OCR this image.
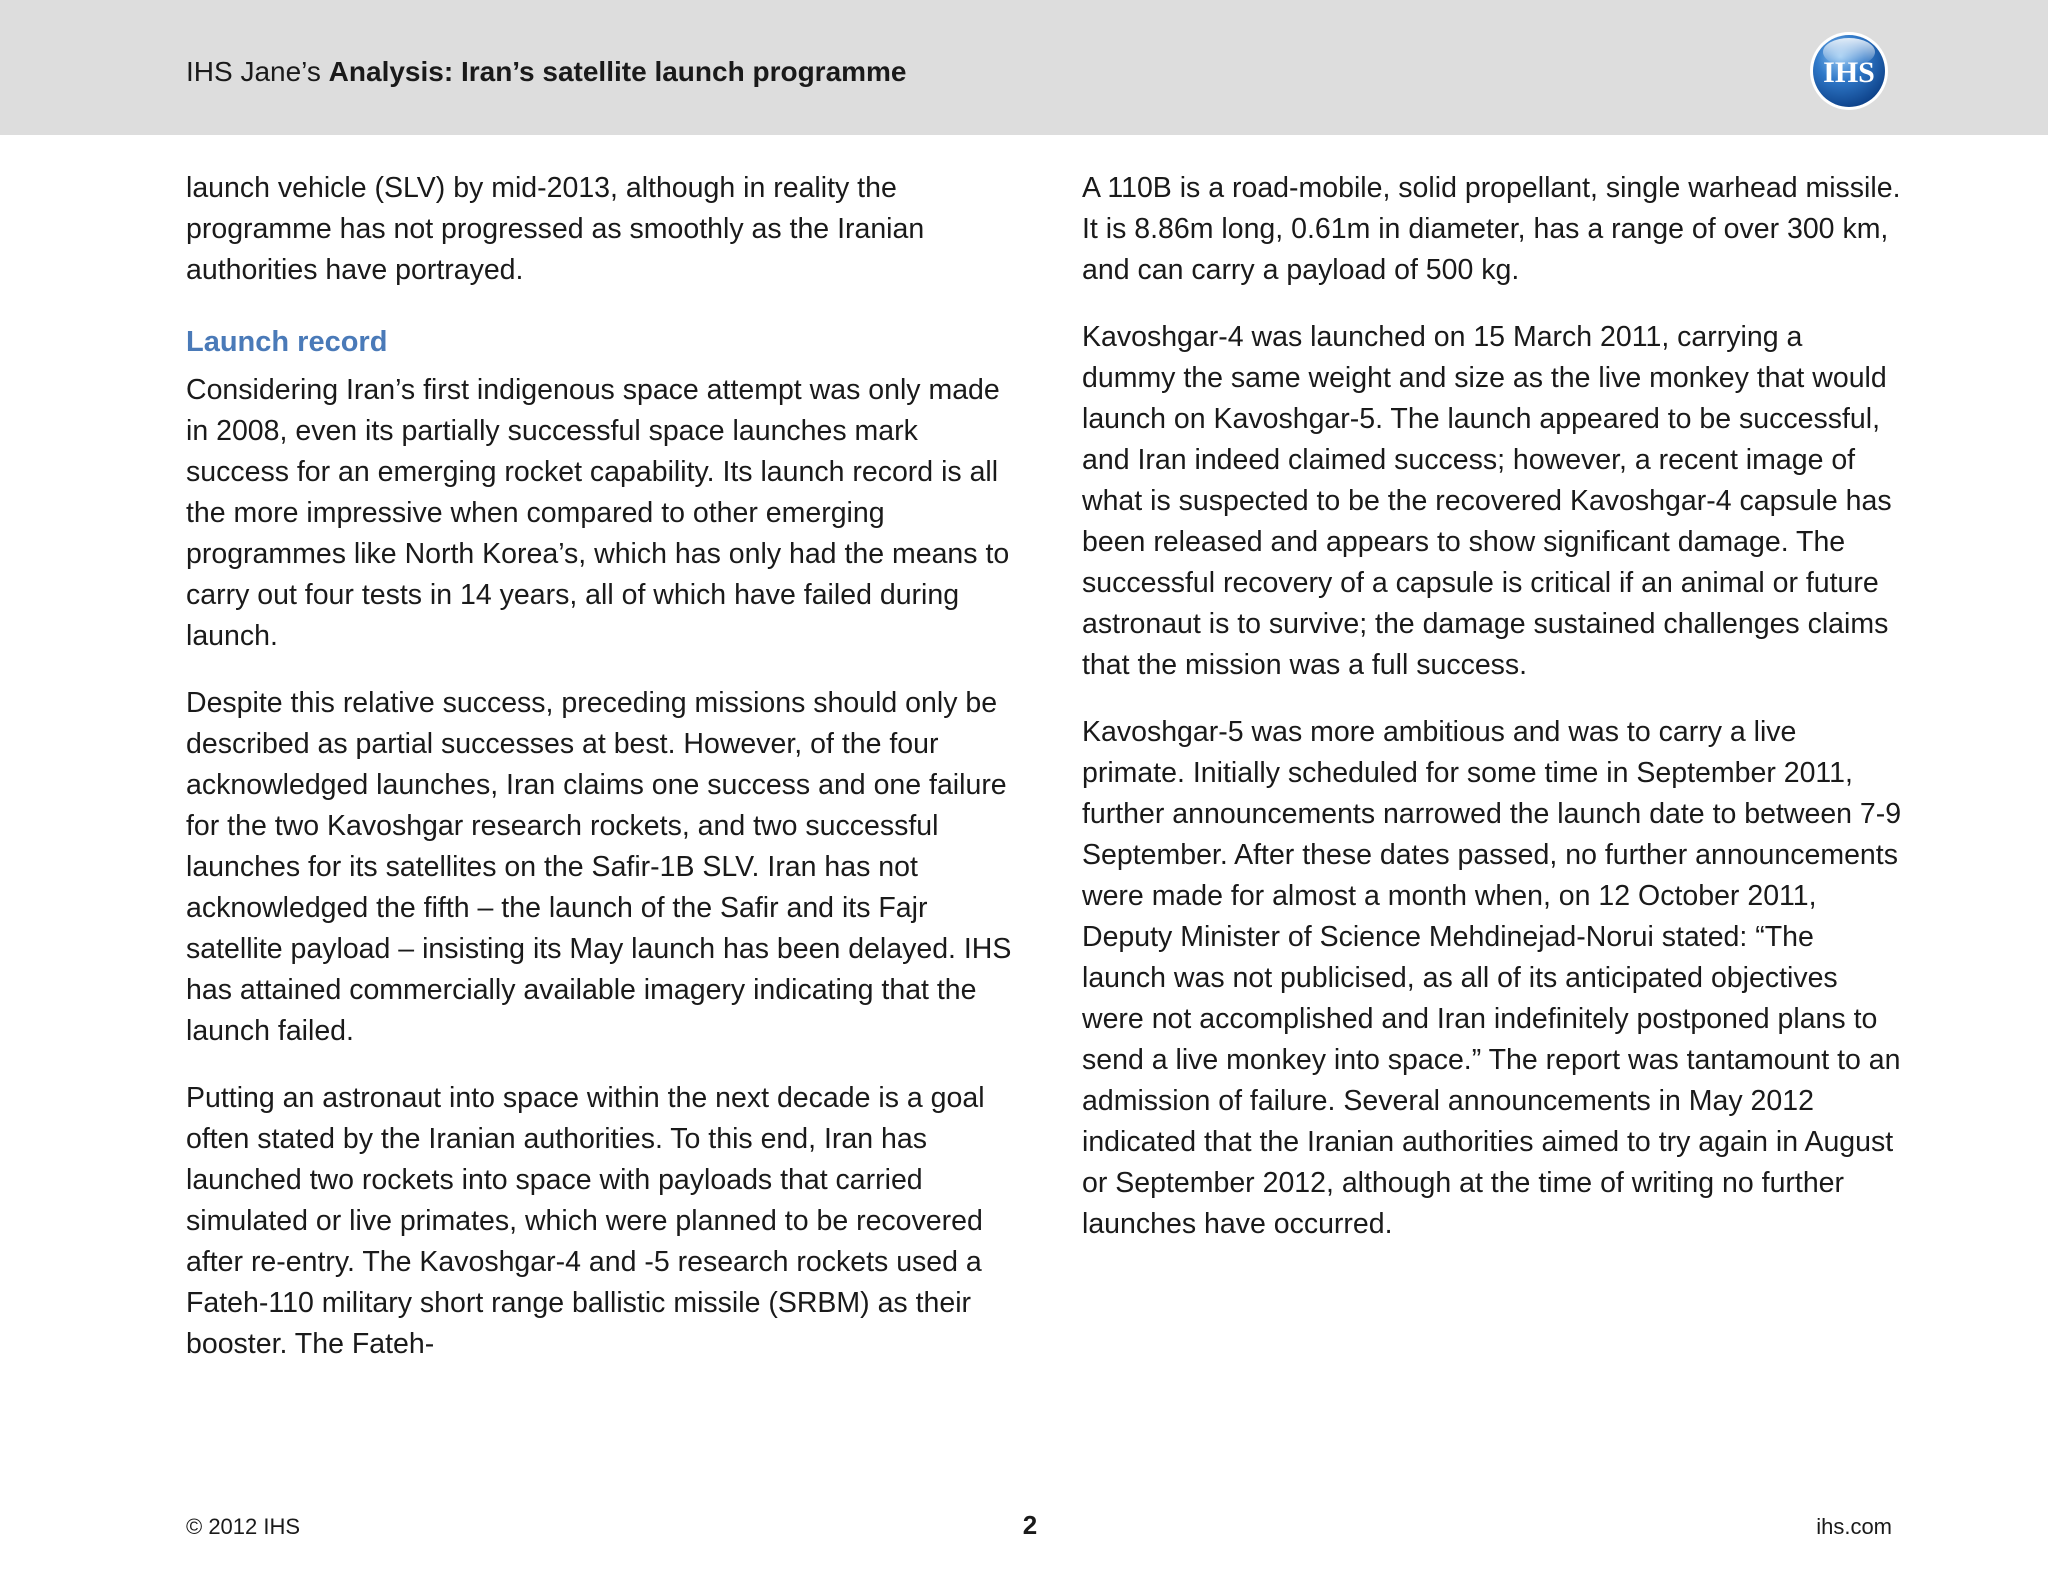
IHS Jane’s Analysis: Iran’s satellite launch programme	IHS

launch vehicle (SLV) by mid-2013, although in reality the programme has not progressed as smoothly as the Iranian authorities have portrayed.

Launch record

Considering Iran’s first indigenous space attempt was only made in 2008, even its partially successful space launches mark success for an emerging rocket capability. Its launch record is all the more impressive when compared to other emerging programmes like North Korea’s, which has only had the means to carry out four tests in 14 years, all of which have failed during launch.

Despite this relative success, preceding missions should only be described as partial successes at best. However, of the four acknowledged launches, Iran claims one success and one failure for the two Kavoshgar research rockets, and two successful launches for its satellites on the Safir-1B SLV. Iran has not acknowledged the fifth – the launch of the Safir and its Fajr satellite payload – insisting its May launch has been delayed. IHS has attained commercially available imagery indicating that the launch failed.

Putting an astronaut into space within the next decade is a goal often stated by the Iranian authorities. To this end, Iran has launched two rockets into space with payloads that carried simulated or live primates, which were planned to be recovered after re-entry. The Kavoshgar-4 and -5 research rockets used a Fateh-110 military short range ballistic missile (SRBM) as their booster. The Fateh-

A 110B is a road-mobile, solid propellant, single warhead missile. It is 8.86m long, 0.61m in diameter, has a range of over 300 km, and can carry a payload of 500 kg.

Kavoshgar-4 was launched on 15 March 2011, carrying a dummy the same weight and size as the live monkey that would launch on Kavoshgar-5. The launch appeared to be successful, and Iran indeed claimed success; however, a recent image of what is suspected to be the recovered Kavoshgar-4 capsule has been released and appears to show significant damage. The successful recovery of a capsule is critical if an animal or future astronaut is to survive; the damage sustained challenges claims that the mission was a full success.

Kavoshgar-5 was more ambitious and was to carry a live primate. Initially scheduled for some time in September 2011, further announcements narrowed the launch date to between 7-9 September. After these dates passed, no further announcements were made for almost a month when, on 12 October 2011, Deputy Minister of Science Mehdinejad-Norui stated: “The launch was not publicised, as all of its anticipated objectives were not accomplished and Iran indefinitely postponed plans to send a live monkey into space.” The report was tantamount to an admission of failure. Several announcements in May 2012 indicated that the Iranian authorities aimed to try again in August or September 2012, although at the time of writing no further launches have occurred.

© 2012 IHS	2	ihs.com
